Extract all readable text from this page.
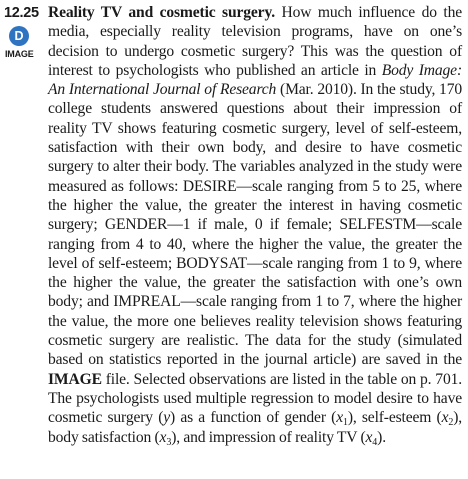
12.25
D
IMAGE

Reality TV and cosmetic surgery. How much influence do the media, especially reality television programs, have on one’s decision to undergo cosmetic surgery? This was the question of interest to psychologists who published an article in Body Image: An International Journal of Research (Mar. 2010). In the study, 170 college students answered questions about their impression of reality TV shows featuring cosmetic surgery, level of self-esteem, satisfaction with their own body, and desire to have cosmetic surgery to alter their body. The variables analyzed in the study were measured as follows: DESIRE—scale ranging from 5 to 25, where the higher the value, the greater the interest in having cosmetic surgery; GENDER—1 if male, 0 if female; SELFESTM—scale ranging from 4 to 40, where the higher the value, the greater the level of self-esteem; BODYSAT—scale ranging from 1 to 9, where the higher the value, the greater the satisfaction with one’s own body; and IMPREAL—scale ranging from 1 to 7, where the higher the value, the more one believes reality television shows featuring cosmetic surgery are realistic. The data for the study (simulated based on statistics reported in the journal article) are saved in the IMAGE file. Selected observations are listed in the table on p. 701. The psychologists used multiple regression to model desire to have cosmetic surgery (y) as a function of gender $(x_1)$, self-esteem $(x_2)$, body satisfaction $(x_3)$, and impression of reality TV $(x_4)$.
